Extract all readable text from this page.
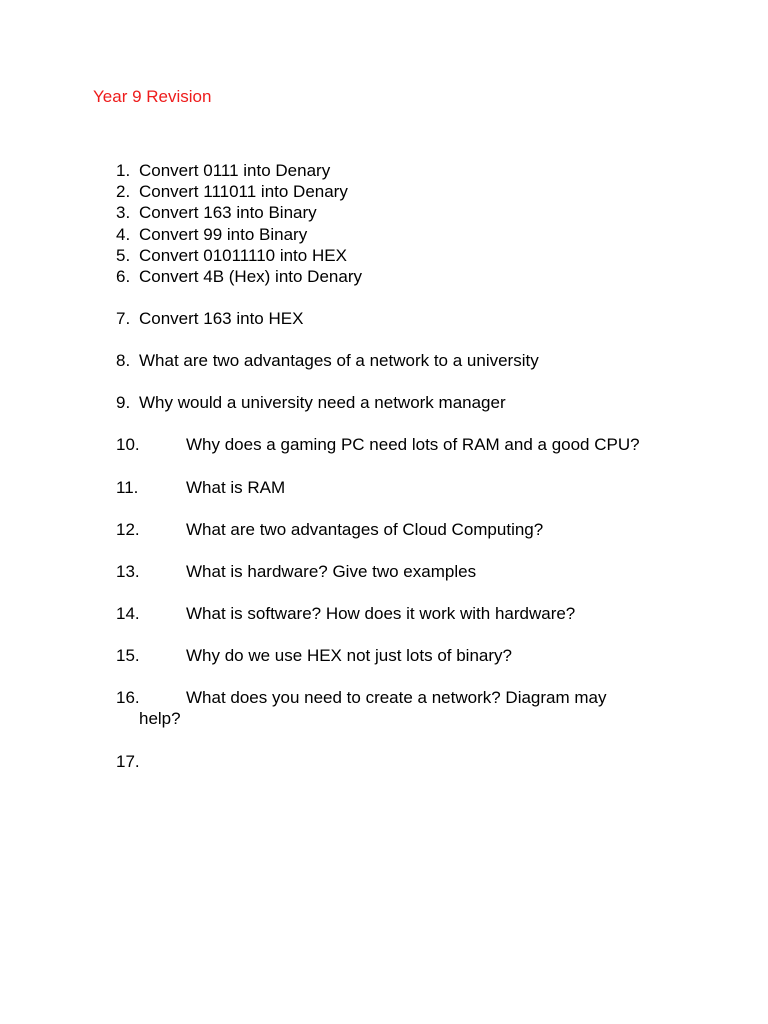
Year 9 Revision
1. Convert 0111 into Denary
2. Convert 111011 into Denary
3. Convert 163 into Binary
4. Convert 99 into Binary
5. Convert 01011110 into HEX
6. Convert 4B (Hex) into Denary
7. Convert 163 into HEX
8. What are two advantages of a network to a university
9. Why would a university need a network manager
10.	Why does a gaming PC need lots of RAM and a good CPU?
11.	What is RAM
12.	What are two advantages of Cloud Computing?
13.	What is hardware? Give two examples
14.	What is software? How does it work with hardware?
15.	Why do we use HEX not just lots of binary?
16.	What does you need to create a network? Diagram may
help?
17.
